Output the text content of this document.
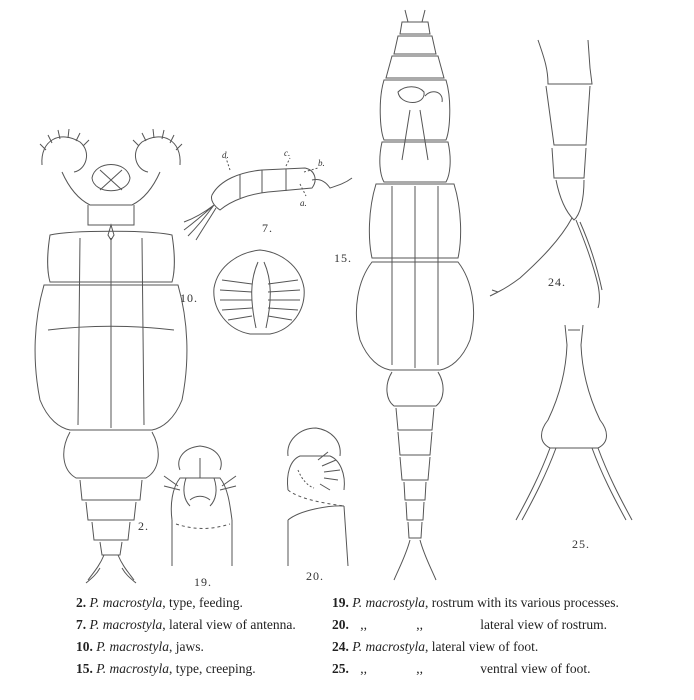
2.
7.
10.
15.
19.	20.
24.
25.
d.	c.
b.
a.
2. P. macrostyla, type, feeding.
7. P. macrostyla, lateral view of antenna.
10. P. macrostyla, jaws.
15. P. macrostyla, type, creeping.
19. P. macrostyla, rostrum with its various processes.
20. ,,	,,	lateral view of rostrum.
24. P. macrostyla, lateral view of foot.
25. ,,	,,	ventral view of foot.
